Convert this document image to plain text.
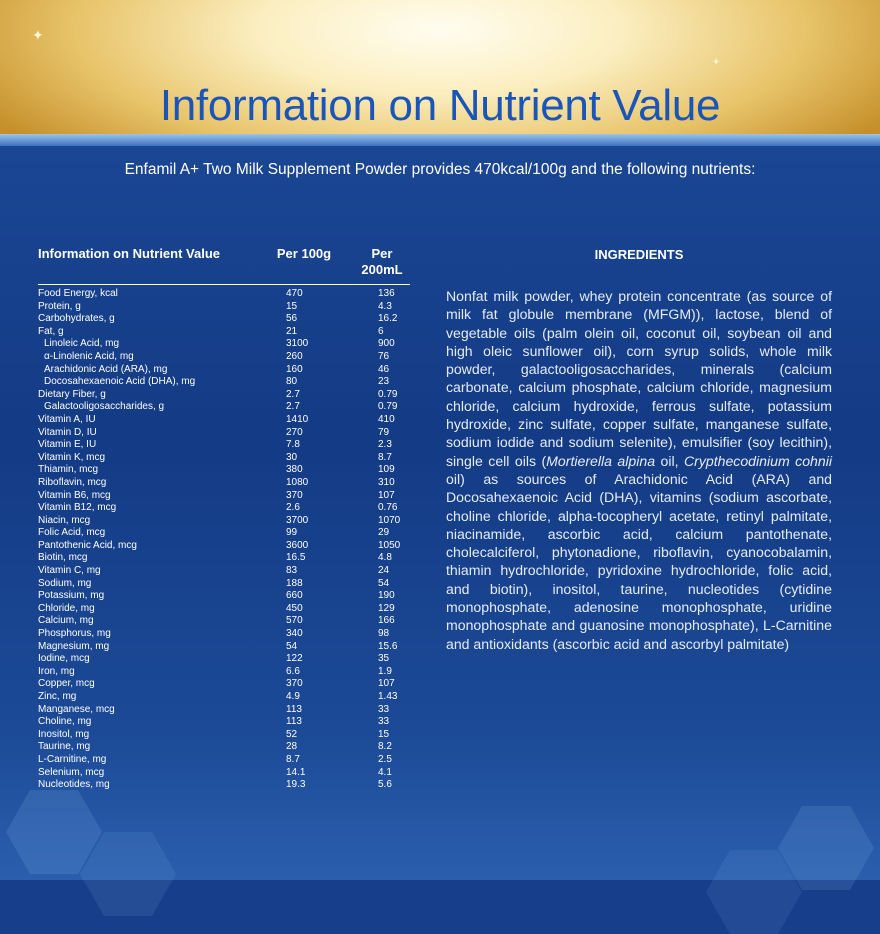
✦
✦
Information on Nutrient Value
Enfamil A+ Two Milk Supplement Powder provides 470kcal/100g and the following nutrients:
Information on Nutrient Value	Per 100g	Per 200mL
Food Energy, kcal	470	136
Protein, g	15	4.3
Carbohydrates, g	56	16.2
Fat, g	21	6
Linoleic Acid, mg	3100	900
α-Linolenic Acid, mg	260	76
Arachidonic Acid (ARA), mg	160	46
Docosahexaenoic Acid (DHA), mg	80	23
Dietary Fiber, g	2.7	0.79
Galactooligosaccharides, g	2.7	0.79
Vitamin A, IU	1410	410
Vitamin D, IU	270	79
Vitamin E, IU	7.8	2.3
Vitamin K, mcg	30	8.7
Thiamin, mcg	380	109
Riboflavin, mcg	1080	310
Vitamin B6, mcg	370	107
Vitamin B12, mcg	2.6	0.76
Niacin, mcg	3700	1070
Folic Acid, mcg	99	29
Pantothenic Acid, mcg	3600	1050
Biotin, mcg	16.5	4.8
Vitamin C, mg	83	24
Sodium, mg	188	54
Potassium, mg	660	190
Chloride, mg	450	129
Calcium, mg	570	166
Phosphorus, mg	340	98
Magnesium, mg	54	15.6
Iodine, mcg	122	35
Iron, mg	6.6	1.9
Copper, mcg	370	107
Zinc, mg	4.9	1.43
Manganese, mcg	113	33
Choline, mg	113	33
Inositol, mg	52	15
Taurine, mg	28	8.2
L-Carnitine, mg	8.7	2.5
Selenium, mcg	14.1	4.1
Nucleotides, mg	19.3	5.6
INGREDIENTS
Nonfat milk powder, whey protein concentrate (as source of milk fat globule membrane (MFGM)), lactose, blend of vegetable oils (palm olein oil, coconut oil, soybean oil and high oleic sunflower oil), corn syrup solids, whole milk powder, galactooligosaccharides, minerals (calcium carbonate, calcium phosphate, calcium chloride, magnesium chloride, calcium hydroxide, ferrous sulfate, potassium hydroxide, zinc sulfate, copper sulfate, manganese sulfate, sodium iodide and sodium selenite), emulsifier (soy lecithin), single cell oils (Mortierella alpina oil, Crypthecodinium cohnii oil) as sources of Arachidonic Acid (ARA) and Docosahexaenoic Acid (DHA), vitamins (sodium ascorbate, choline chloride, alpha-tocopheryl acetate, retinyl palmitate, niacinamide, ascorbic acid, calcium pantothenate, cholecalciferol, phytonadione, riboflavin, cyanocobalamin, thiamin hydrochloride, pyridoxine hydrochloride, folic acid, and biotin), inositol, taurine, nucleotides (cytidine monophosphate, adenosine monophosphate, uridine monophosphate and guanosine monophosphate), L-Carnitine and antioxidants (ascorbic acid and ascorbyl palmitate)
